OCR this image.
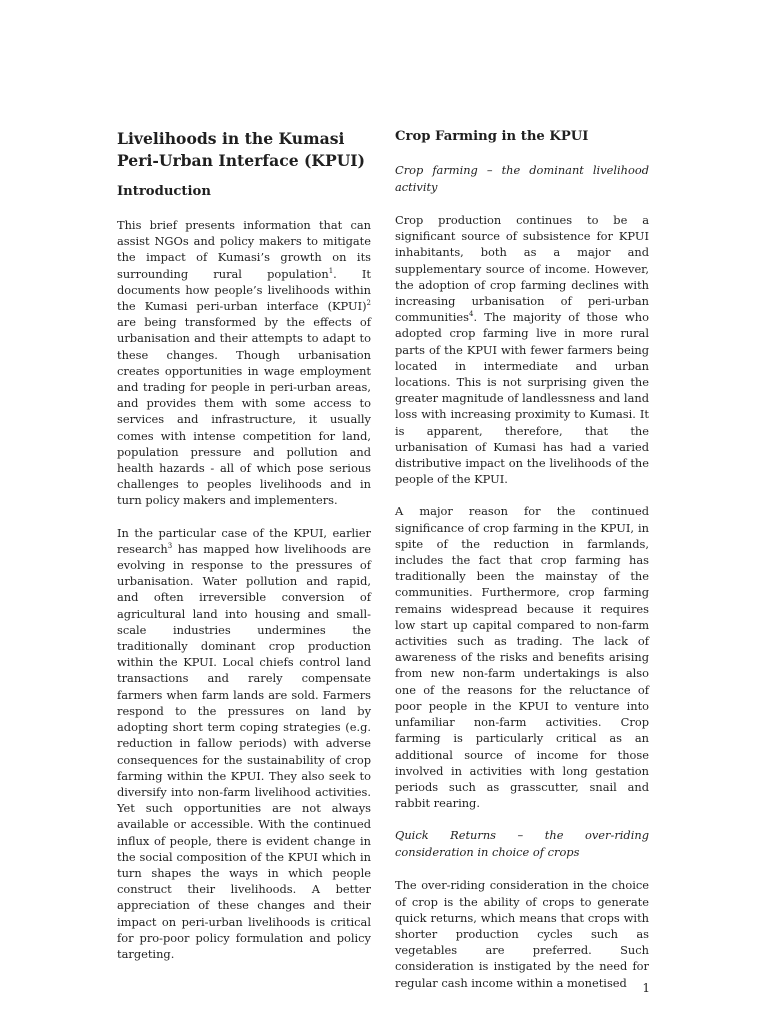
Livelihoods in the Kumasi Peri-Urban Interface (KPUI)
Introduction

This brief presents information that can assist NGOs and policy makers to mitigate the impact of Kumasi’s growth on its surrounding rural population$^1$. It documents how people’s livelihoods within the Kumasi peri-urban interface (KPUI)$^2$ are being transformed by the effects of urbanisation and their attempts to adapt to these changes. Though urbanisation creates opportunities in wage employment and trading for people in peri-urban areas, and provides them with some access to services and infrastructure, it usually comes with intense competition for land, population pressure and pollution and health hazards - all of which pose serious challenges to peoples livelihoods and in turn policy makers and implementers.

In the particular case of the KPUI, earlier research$^3$ has mapped how livelihoods are evolving in response to the pressures of urbanisation. Water pollution and rapid, and often irreversible conversion of agricultural land into housing and small-scale industries undermines the traditionally dominant crop production within the KPUI. Local chiefs control land transactions and rarely compensate farmers when farm lands are sold. Farmers respond to the pressures on land by adopting short term coping strategies (e.g. reduction in fallow periods) with adverse consequences for the sustainability of crop farming within the KPUI. They also seek to diversify into non-farm livelihood activities. Yet such opportunities are not always available or accessible. With the continued influx of people, there is evident change in the social composition of the KPUI which in turn shapes the ways in which people construct their livelihoods. A better appreciation of these changes and their impact on peri-urban livelihoods is critical for pro-poor policy formulation and policy targeting.

Crop Farming in the KPUI
Crop farming – the dominant livelihood activity

Crop production continues to be a significant source of subsistence for KPUI inhabitants, both as a major and supplementary source of income. However, the adoption of crop farming declines with increasing urbanisation of peri-urban communities$^4$. The majority of those who adopted crop farming live in more rural parts of the KPUI with fewer farmers being located in intermediate and urban locations. This is not surprising given the greater magnitude of landlessness and land loss with increasing proximity to Kumasi. It is apparent, therefore, that the urbanisation of Kumasi has had a varied distributive impact on the livelihoods of the people of the KPUI.

A major reason for the continued significance of crop farming in the KPUI, in spite of the reduction in farmlands, includes the fact that crop farming has traditionally been the mainstay of the communities. Furthermore, crop farming remains widespread because it requires low start up capital compared to non-farm activities such as trading. The lack of awareness of the risks and benefits arising from new non-farm undertakings is also one of the reasons for the reluctance of poor people in the KPUI to venture into unfamiliar non-farm activities. Crop farming is particularly critical as an additional source of income for those involved in activities with long gestation periods such as grasscutter, snail and rabbit rearing.

Quick Returns – the over-riding consideration in choice of crops

The over-riding consideration in the choice of crop is the ability of crops to generate quick returns, which means that crops with shorter production cycles such as vegetables are preferred. Such consideration is instigated by the need for regular cash income within a monetised	1
